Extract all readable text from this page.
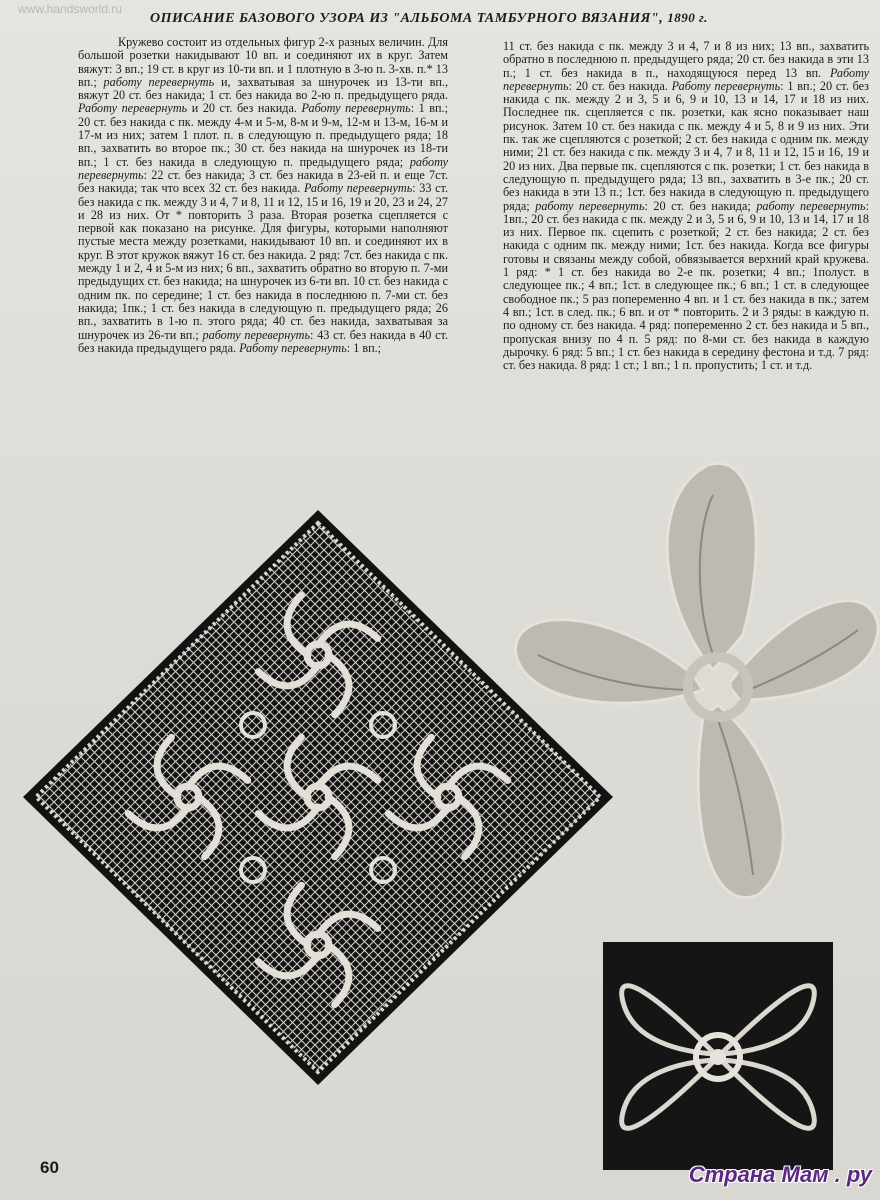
www.handsworld.ru
ОПИСАНИЕ БАЗОВОГО УЗОРА ИЗ "АЛЬБОМА ТАМБУРНОГО ВЯЗАНИЯ", 1890 г.

Кружево состоит из отдельных фигур 2-х разных величин. Для большой розетки накидывают 10 вп. и соединяют их в круг. Затем вяжут: 3 вп.; 19 ст. в круг из 10-ти вп. и 1 плотную в 3-ю п. 3-хв. п.* 13 вп.; работу перевернуть и, захватывая за шнурочек из 13-ти вп., вяжут 20 ст. без накида; 1 ст. без накида во 2-ю п. предыдущего ряда. Работу перевернуть и 20 ст. без накида. Работу перевернуть: 1 вп.; 20 ст. без накида с пк. между 4-м и 5-м, 8-м и 9-м, 12-м и 13-м, 16-м и 17-м из них; затем 1 плот. п. в следующую п. предыдущего ряда; 18 вп., захватить во второе пк.; 30 ст. без накида на шнурочек из 18-ти вп.; 1 ст. без накида в следующую п. предыдущего ряда; работу перевернуть: 22 ст. без накида; 3 ст. без накида в 23-ей п. и еще 7ст. без накида; так что всех 32 ст. без накида. Работу перевернуть: 33 ст. без накида с пк. между 3 и 4, 7 и 8, 11 и 12, 15 и 16, 19 и 20, 23 и 24, 27 и 28 из них. От * повторить 3 раза. Вторая розетка сцепляется с первой как показано на рисунке. Для фигуры, которыми наполняют пустые места между розетками, накидывают 10 вп. и соединяют их в круг. В этот кружок вяжут 16 ст. без накида. 2 ряд: 7ст. без накида с пк. между 1 и 2, 4 и 5-м из них; 6 вп., захватить обратно во вторую п. 7-ми предыдущих ст. без накида; на шнурочек из 6-ти вп. 10 ст. без накида с одним пк. по середине; 1 ст. без накида в последнюю п. 7-ми ст. без накида; 1пк.; 1 ст. без накида в следующую п. предыдущего ряда; 26 вп., захватить в 1-ю п. этого ряда; 40 ст. без накида, захватывая за шнурочек из 26-ти вп.; работу перевернуть: 43 ст. без накида в 40 ст. без накида предыдущего ряда. Работу перевернуть: 1 вп.;

11 ст. без накида с пк. между 3 и 4, 7 и 8 из них; 13 вп., захватить обратно в последнюю п. предыдущего ряда; 20 ст. без накида в эти 13 п.; 1 ст. без накида в п., находящуюся перед 13 вп. Работу перевернуть: 20 ст. без накида. Работу перевернуть: 1 вп.; 20 ст. без накида с пк. между 2 и 3, 5 и 6, 9 и 10, 13 и 14, 17 и 18 из них. Последнее пк. сцепляется с пк. розетки, как ясно показывает наш рисунок. Затем 10 ст. без накида с пк. между 4 и 5, 8 и 9 из них. Эти пк. так же сцепляются с розеткой; 2 ст. без накида с одним пк. между ними; 21 ст. без накида с пк. между 3 и 4, 7 и 8, 11 и 12, 15 и 16, 19 и 20 из них. Два первые пк. сцепляются с пк. розетки; 1 ст. без накида в следующую п. предыдущего ряда; 13 вп., захватить в 3-е пк.; 20 ст. без накида в эти 13 п.; 1ст. без накида в следующую п. предыдущего ряда; работу перевернуть: 20 ст. без накида; работу перевернуть: 1вп.; 20 ст. без накида с пк. между 2 и 3, 5 и 6, 9 и 10, 13 и 14, 17 и 18 из них. Первое пк. сцепить с розеткой; 2 ст. без накида; 2 ст. без накида с одним пк. между ними; 1ст. без накида. Когда все фигуры готовы и связаны между собой, обвязывается верхний край кружева. 1 ряд: * 1 ст. без накида во 2-е пк. розетки; 4 вп.; 1полуст. в следующее пк.; 4 вп.; 1ст. в следующее пк.; 6 вп.; 1 ст. в следующее свободное пк.; 5 раз попеременно 4 вп. и 1 ст. без накида в пк.; затем 4 вп.; 1ст. в след. пк.; 6 вп. и от * повторить. 2 и 3 ряды: в каждую п. по одному ст. без накида. 4 ряд: попеременно 2 ст. без накида и 5 вп., пропуская внизу по 4 п. 5 ряд: по 8-ми ст. без накида в каждую дырочку. 6 ряд: 5 вп.; 1 ст. без накида в середину фестона и т.д. 7 ряд: ст. без накида. 8 ряд: 1 ст.; 1 вп.; 1 п. пропустить; 1 ст. и т.д.

60	Страна Мам . ру
